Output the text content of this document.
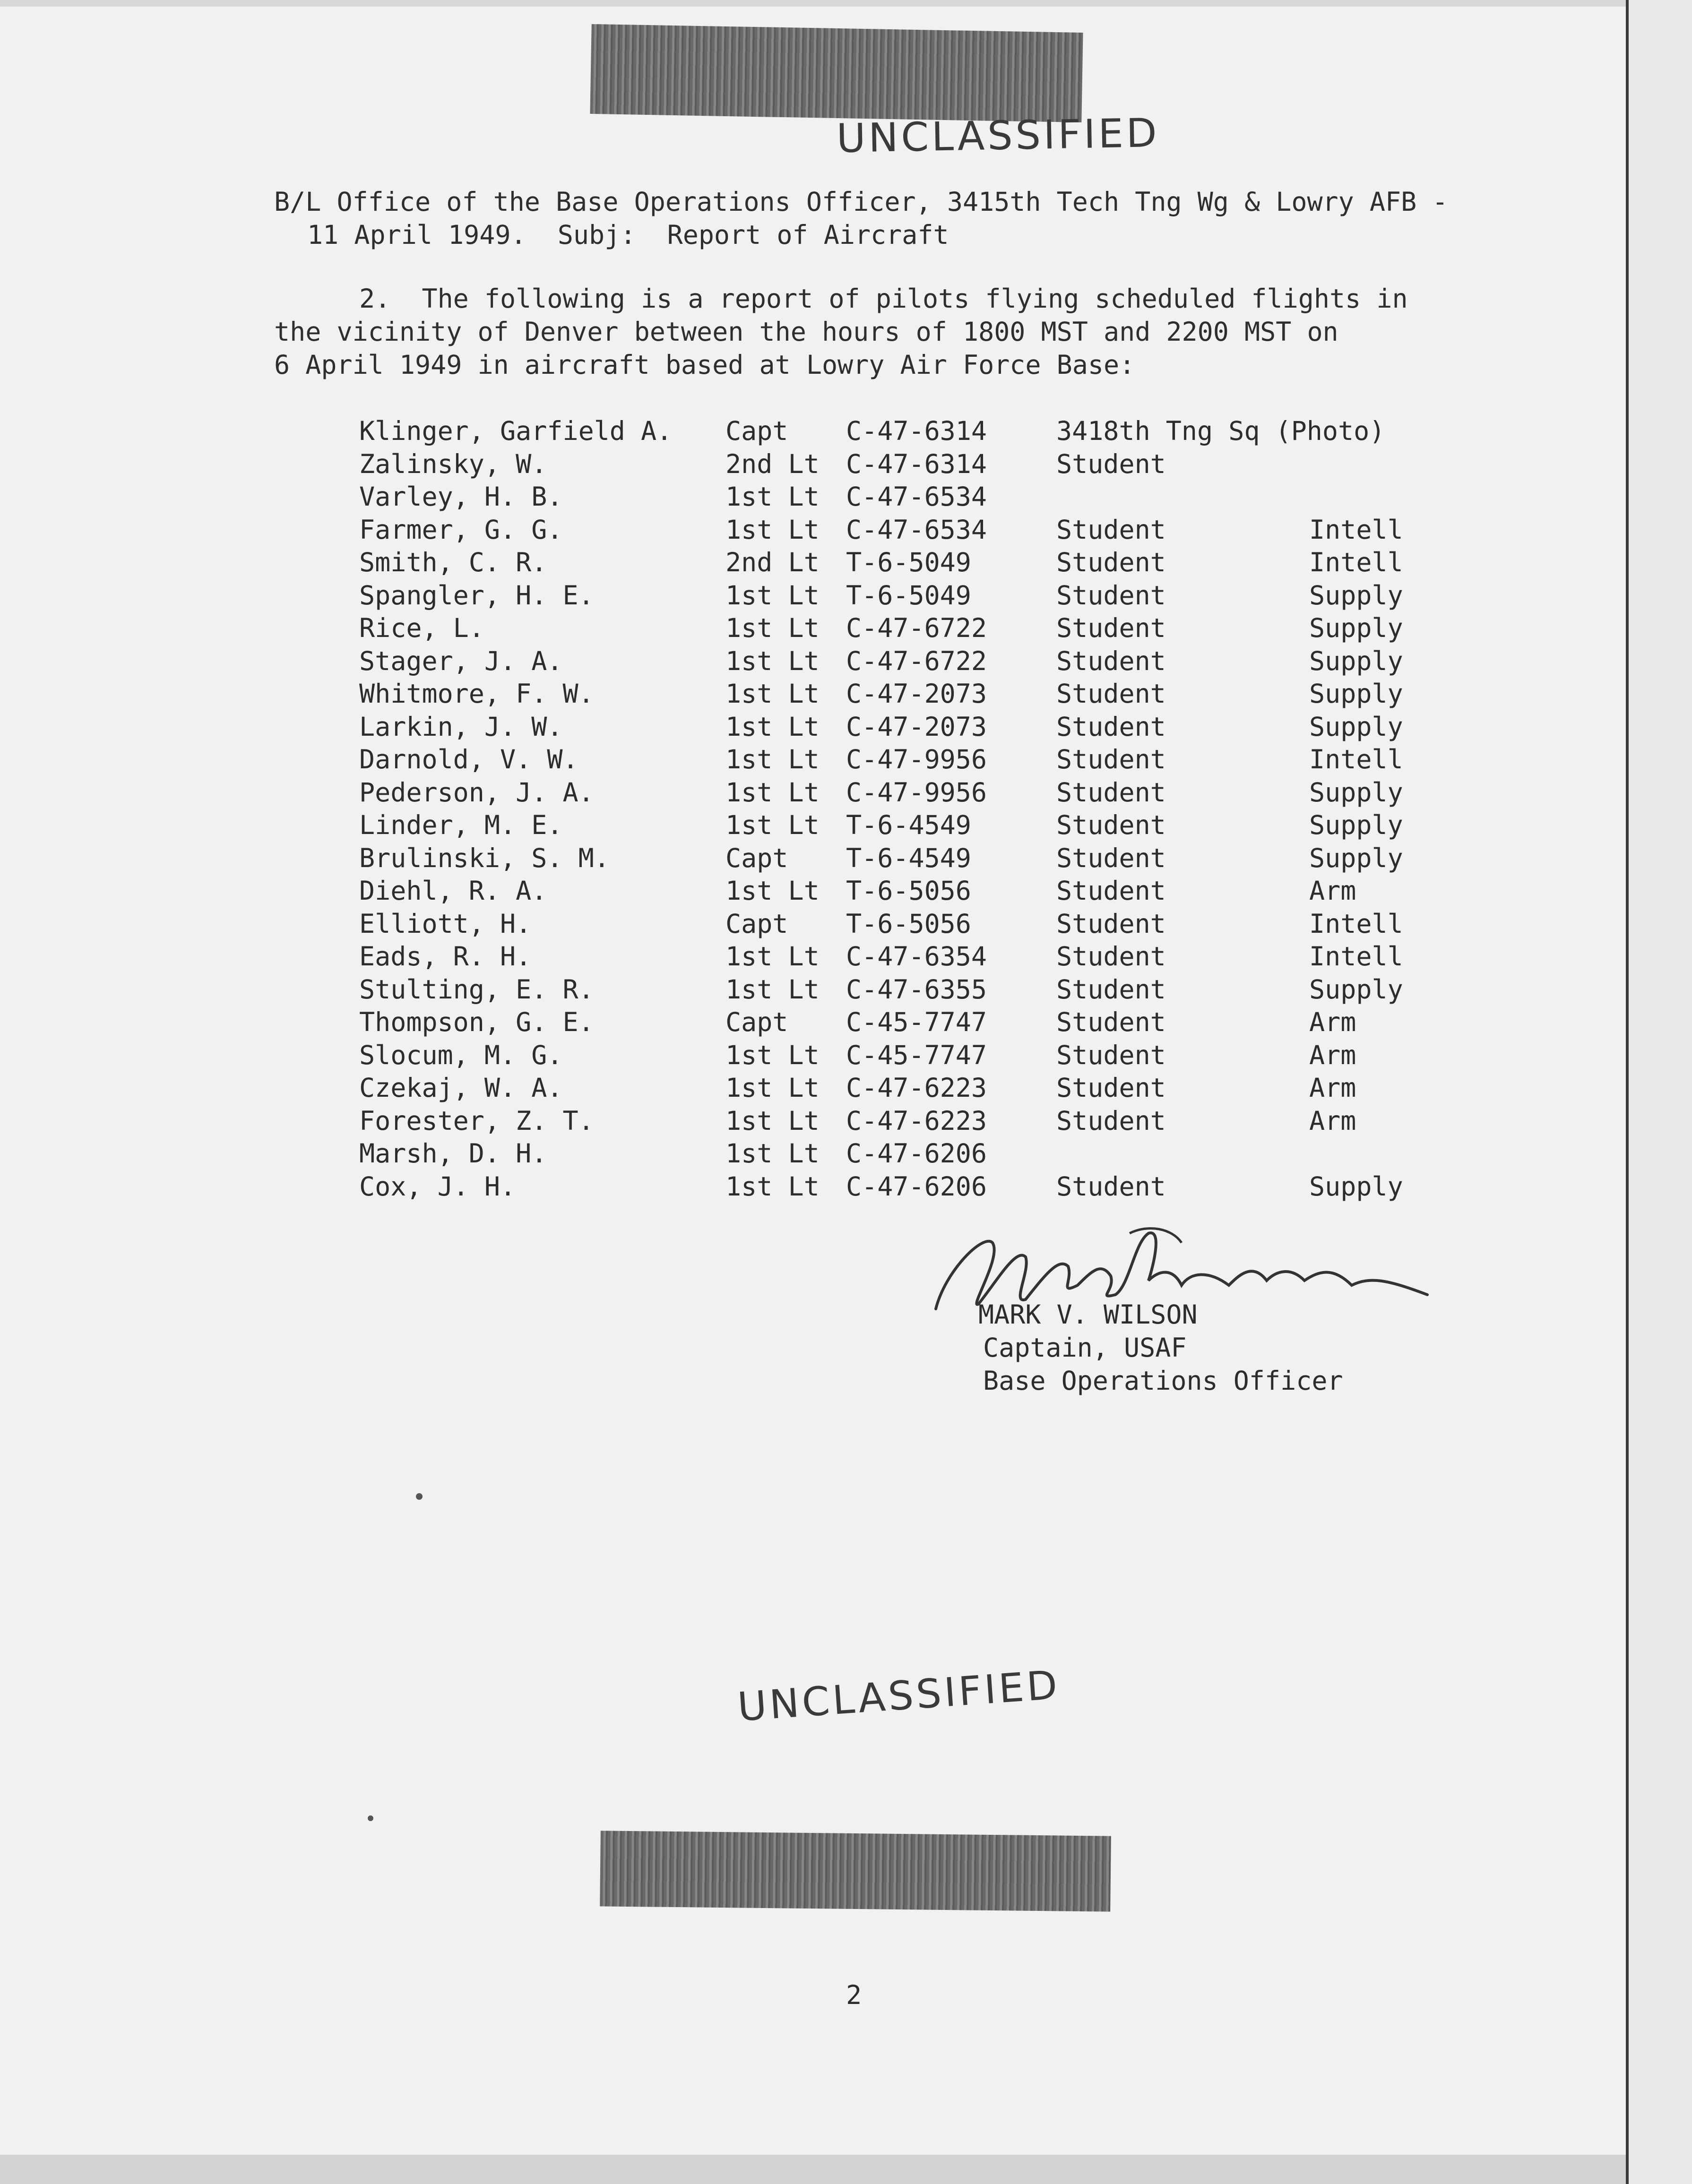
UNCLASSIFIED
B/L Office of the Base Operations Officer, 3415th Tech Tng Wg & Lowry AFB -
11 April 1949.  Subj:  Report of Aircraft
2.  The following is a report of pilots flying scheduled flights in
the vicinity of Denver between the hours of 1800 MST and 2200 MST on
6 April 1949 in aircraft based at Lowry Air Force Base:
Klinger, Garfield A. Capt C-47-6314	3418th Tng Sq (Photo)
Zalinsky, W.	2nd Lt C-47-6314	Student
Varley, H. B.	1st Lt C-47-6534
Farmer, G. G.	1st Lt C-47-6534	Student	Intell
Smith, C. R.	2nd Lt T-6-5049	Student	Intell
Spangler, H. E.	1st Lt T-6-5049	Student	Supply
Rice, L.	1st Lt C-47-6722	Student	Supply
Stager, J. A.	1st Lt C-47-6722	Student	Supply
Whitmore, F. W.	1st Lt C-47-2073	Student	Supply
Larkin, J. W.	1st Lt C-47-2073	Student	Supply
Darnold, V. W.	1st Lt C-47-9956	Student	Intell
Pederson, J. A.	1st Lt C-47-9956	Student	Supply
Linder, M. E.	1st Lt T-6-4549	Student	Supply
Brulinski, S. M.	Capt T-6-4549	Student	Supply
Diehl, R. A.	1st Lt T-6-5056	Student	Arm
Elliott, H.	Capt T-6-5056	Student	Intell
Eads, R. H.	1st Lt C-47-6354	Student	Intell
Stulting, E. R.	1st Lt C-47-6355	Student	Supply
Thompson, G. E.	Capt C-45-7747	Student	Arm
Slocum, M. G.	1st Lt C-45-7747	Student	Arm
Czekaj, W. A.	1st Lt C-47-6223	Student	Arm
Forester, Z. T.	1st Lt C-47-6223	Student	Arm
Marsh, D. H.	1st Lt C-47-6206
Cox, J. H.	1st Lt C-47-6206	Student	Supply
MARK V. WILSON
Captain, USAF
Base Operations Officer
UNCLASSIFIED
2
